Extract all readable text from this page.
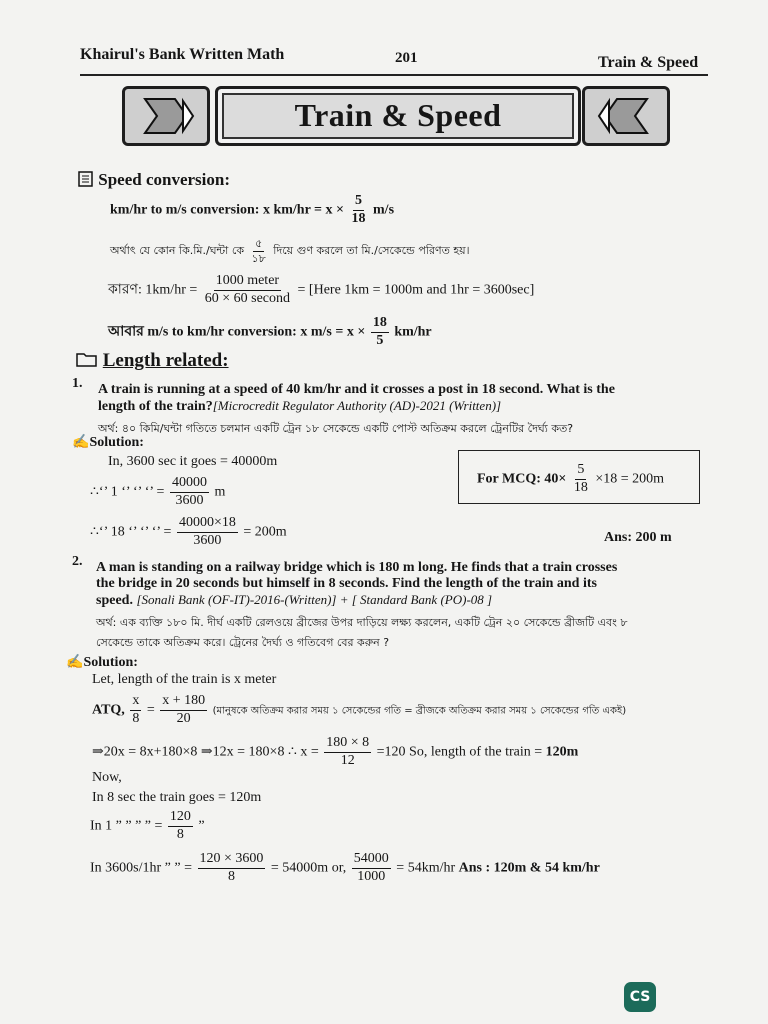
Khairul's Bank Written Math	201	Train & Speed
Train & Speed
Speed conversion:
km/hr to m/s conversion: x $km/hr = x \times \frac{5}{18} m/s$
অর্থাৎ যে কোন কি.মি./ঘন্টা কে $\frac{৫}{১৮}$ দিয়ে গুণ করলে তা মি./সেকেন্ডে পরিণত হয়।
কারণ: $1km/hr = \frac{\text{1000 meter}}{\text{60 × 60 second}}$ = [Here 1km = 1000m and 1hr = 3600sec]
আবার m/s to km/hr conversion: x $m/s = x \times \frac{18}{5} km/hr$
Length related:
1. A train is running at a speed of 40 km/hr and it crosses a post in 18 second. What is the
length of the train?[Microcredit Regulator Authority (AD)-2021 (Written)]
অর্থ: ৪০ কিমি/ঘন্টা গতিতে চলমান একটি ট্রেন ১৮ সেকেন্ডে একটি পোস্ট অতিক্রম করলে ট্রেনটির দৈর্ঘ্য কত?
✍Solution:
In, 3600 sec it goes = 40000m
∴‘’ 1 ‘’ ‘’ ‘’ = $\frac{40000}{3600}$ m
∴‘’ 18 ‘’ ‘’ ‘’ = $\frac{40000\times 18}{3600} = 200m$
For MCQ: $40\times \frac{5}{18} \times 18 = 200m$
Ans: 200 m
2. A man is standing on a railway bridge which is 180 m long. He finds that a train crosses
the bridge in 20 seconds but himself in 8 seconds. Find the length of the train and its
speed. [Sonali Bank (OF-IT)-2016-(Written)] + [ Standard Bank (PO)-08 ]
অর্থ: এক ব্যক্তি ১৮০ মি. দীর্ঘ একটি রেলওয়ে ব্রীজের উপর দাড়িয়ে লক্ষ্য করলেন, একটি ট্রেন ২০ সেকেন্ডে ব্রীজটি এবং ৮
সেকেন্ডে তাকে অতিক্রম করে। ট্রেনের দৈর্ঘ্য ও গতিবেগ বের করুন ?
✍Solution:
Let, length of the train is x meter
ATQ, $\frac{x}{8} = \frac{x + 180}{20}$ (মানুষকে অতিক্রম করার সময় ১ সেকেন্ডের গতি = ব্রীজকে অতিক্রম করার সময় ১ সেকেন্ডের গতি একই)
⇒20x = 8x+180×8 ⇒12x = 180×8 ∴ $x = \frac{180 \times 8}{12} =120$ So, length of the train = 120m
Now,
In 8 sec the train goes = 120m
In 1 ” ” ” ” = $\frac{120}{8}$ ”
In 3600s/1hr ” ” = $\frac{120 \times 3600}{8} = 54000m$ or, $\frac{54000}{1000} = 54km/hr$ Ans : 120m & 54 km/hr
CS
